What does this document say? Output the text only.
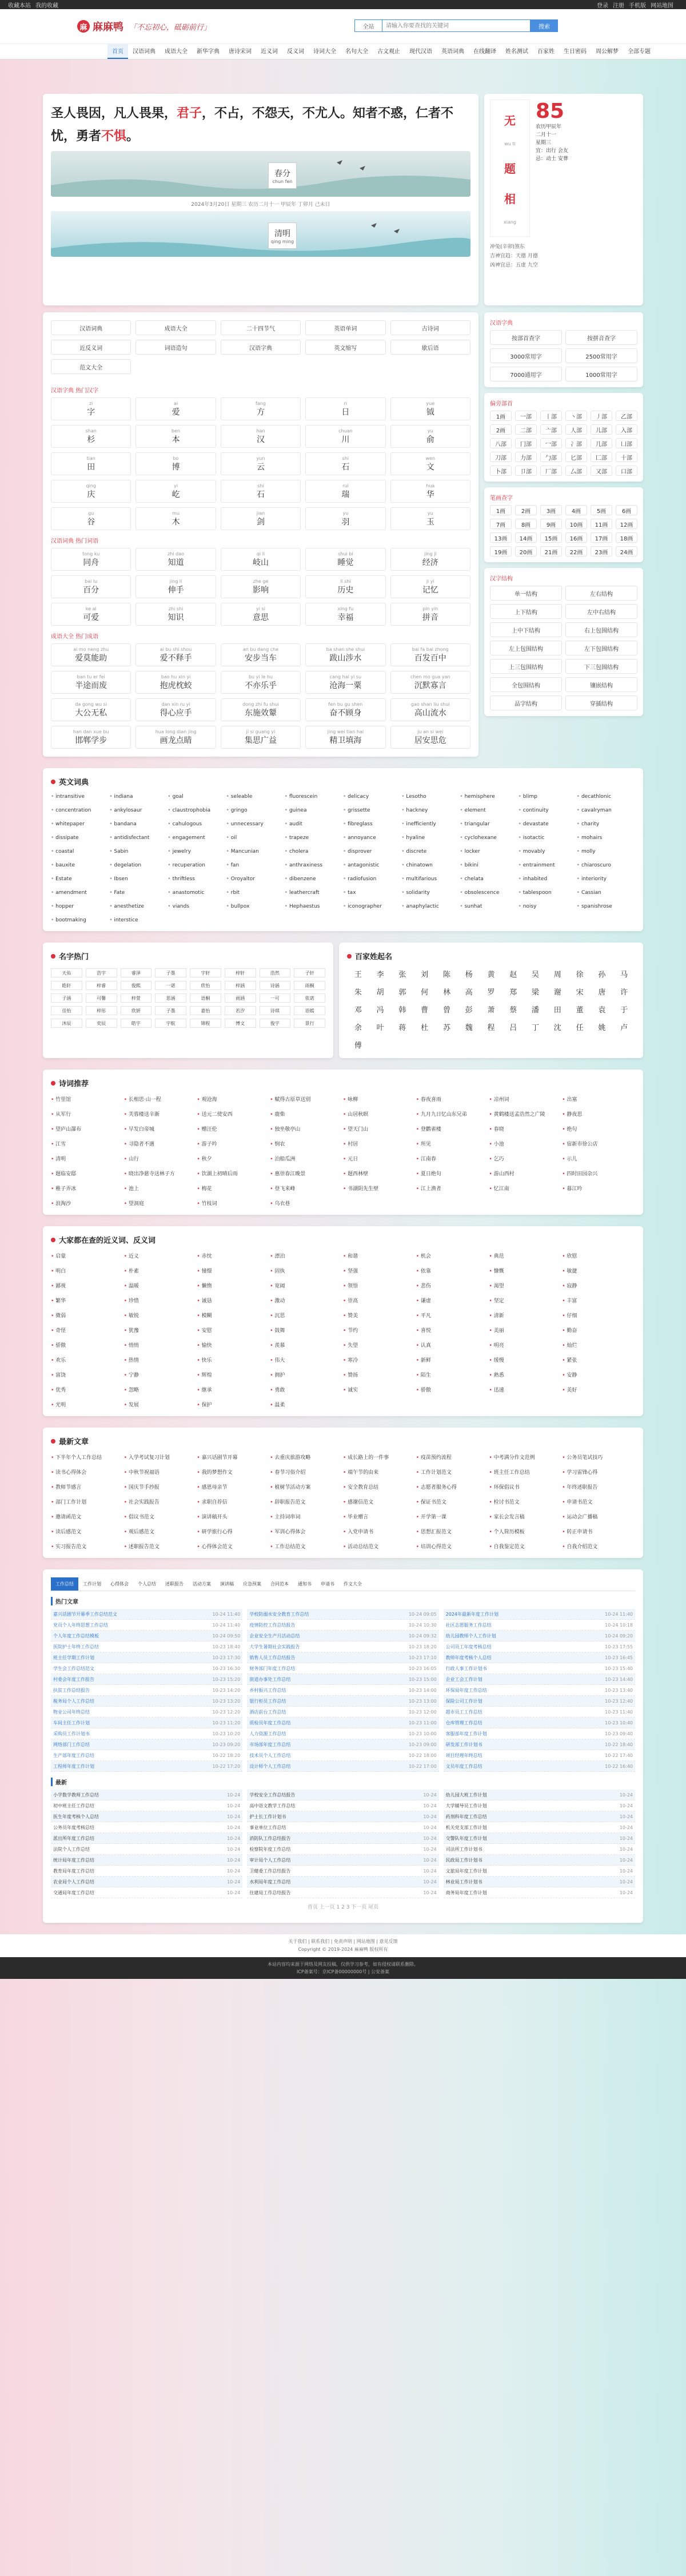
收藏本站 我的收藏	登录 注册 手机版 网站地图
麻 麻麻鸭 「不忘初心，砥砺前行」	全站
请输入你要查找的关键词	搜索
首页	汉语词典	成语大全	新华字典	唐诗宋词	近义词	反义词	诗词大全	名句大全	古文观止	现代汉语	英语词典	在线翻译	姓名测试	百家姓	生日密码	周公解梦	全部专题
圣人畏因，凡人畏果，君子，不占，不怨天，不尤人。知者不惑，仁者不忧，勇者不惧。
春分
chun fen
2024年3月20日 星期三 农历二月十一 甲辰年 丁卯月 己未日
清明
qing ming
无
wu ti
题
相
xiang
85
农历甲辰年
二月十一
星期三
宜：出行 会友
忌：动土 安葬
冲兔(辛卯)煞东
吉神宜趋：天德 月德
凶神宜忌：五虚 九空
汉语词典	成语大全	二十四节气	英语单词	古诗词
近反义词	词语造句	汉语字典	英文缩写	歇后语
范文大全
汉语字典 热门汉字
zi
字
ai
爱
fang
方
ri
日
yue
钺
shan
杉
ben
本
han
汉
chuan
川
yu
俞
tian
田
bo
博
yun
云
shi
石
wen
文
qing
庆
yi
屹
shi
石
rui
瑞
hua
华
gu
谷
mu
木
jian
剑
yu
羽
yu
玉
汉语词典 热门词语
tong ku
同舟
zhi dao
知道
qi li
岐山
shui bi
睡觉
jing ji
经济
bai lu
百分
jing li
伸手
zhe ge
影响
li shi
历史
ji yi
记忆
ke ai
可爱
zhi shi
知识
yi si
意思
xing fu
幸福
pin yin
拼音
成语大全 热门成语
ai mo neng zhu
爱莫能助
ai bu shi shou
爱不释手
an bu dang che
安步当车
ba shan she shui
跋山涉水
bai fa bai zhong
百发百中
ban tu er fei
半途而废
bao hu xin yi
抱虎枕蛟
bu yi le hu
不亦乐乎
cang hai yi su
沧海一粟
chen mo gua yan
沉默寡言
da gong wu si
大公无私
dan xin ru yi
得心应手
dong zhi fu shui
东施效颦
fen bu gu shen
奋不顾身
gao shan liu shui
高山流水
han dan xue bu
邯郸学步
hua long dian jing
画龙点睛
ji si guang yi
集思广益
jing wei tian hai
精卫填海
ju an si wei
居安思危
汉语字典
按部首查字	按拼音查字
3000常用字	2500常用字
7000通用字	1000常用字
偏旁部首
1画	一部	丨部	丶部	丿部	乙部
2画	二部	亠部	人部	儿部	入部
八部	冂部	冖部	冫部	几部	凵部
刀部	力部	勹部	匕部	匚部	十部
卜部	卩部	厂部	厶部	又部	口部
笔画查字
1画	2画	3画	4画	5画	6画
7画	8画	9画	10画	11画	12画
13画	14画	15画	16画	17画	18画
19画	20画	21画	22画	23画	24画
汉字结构
单一结构	左右结构
上下结构	左中右结构
上中下结构	右上包围结构
左上包围结构	左下包围结构
上三包围结构	下三包围结构
全包围结构	镶嵌结构
品字结构	穿插结构
英文词典
• intransitive	• indiana	• goal	• seleable	• fluorescein	• delicacy	• Lesotho	• hemisphere	• blimp	• decathlonic
• concentration	• ankylosaur	• claustrophobia	• gringo	• guinea	• grissette	• hackney	• element	• continuity	• cavalryman
• whitepaper	• bandana	• cahulogous	• unnecessary	• audit	• fibreglass	• inefficiently	• triangular	• devastate	• charity
• dissipate	• antidisfectant	• engagement	• oil	• trapeze	• annoyance	• hyaline	• cyclohexane	• isotactic	• mohairs
• coastal	• Sabin	• jewelry	• Mancunian	• cholera	• disprover	• discrete	• locker	• movably	• molly
• bauxite	• degelation	• recuperation	• fan	• anthraxiness	• antagonistic	• chinatown	• bikini	• entrainment	• chiaroscuro
• Estate	• Ibsen	• thriftless	• Oroyaltor	• dibenzene	• radiofusion	• multifarious	• chelata	• inhabited	• interiority
• amendment	• Fate	• anastomotic	• rbit	• leathercraft	• tax	• solidarity	• obsolescence	• tablespoon	• Cassian
• hopper	• anesthetize	• viands	• bullpox	• Hephaestus	• iconographer	• anaphylactic	• sunhat	• noisy	• spanishrose
• bootmaking	• interstice
名字热门
天佑	浩宇	睿泽	子墨	宇轩	梓轩	浩然	子轩
皓轩	梓睿	俊熙	一诺	欣怡	梓涵	诗涵	雨桐
子涵	可馨	梓萱	思涵	语桐	雨涵	一可	依诺
佳怡	梓彤	欣妍	子墨	嘉怡	若汐	诗琪	语嫣
沐辰	奕辰	皓宇	宇航	锦程	博文	俊宇	景行
百家姓起名
王	李	张	刘	陈	杨	黄	赵	吴	周	徐	孙	马
朱	胡	郭	何	林	高	罗	郑	梁	谢	宋	唐	许
邓	冯	韩	曹	曾	彭	萧	蔡	潘	田	董	袁	于
余	叶	蒋	杜	苏	魏	程	吕	丁	沈	任	姚	卢
傅
诗词推荐
• 竹里馆	• 长相思·山一程	• 观沧海	• 赋得古原草送别	• 咏柳	• 春夜喜雨	• 凉州词	• 出塞
• 从军行	• 芙蓉楼送辛渐	• 送元二使安西	• 鹿柴	• 山居秋暝	• 九月九日忆山东兄弟	• 黄鹤楼送孟浩然之广陵	• 静夜思
• 望庐山瀑布	• 早发白帝城	• 赠汪伦	• 独坐敬亭山	• 望天门山	• 登鹳雀楼	• 春晓	• 绝句
• 江雪	• 寻隐者不遇	• 游子吟	• 悯农	• 村居	• 所见	• 小池	• 宿新市徐公店
• 清明	• 山行	• 秋夕	• 泊船瓜洲	• 元日	• 江南春	• 乞巧	• 示儿
• 题临安邸	• 晓出净慈寺送林子方	• 饮湖上初晴后雨	• 惠崇春江晚景	• 题西林壁	• 夏日绝句	• 游山西村	• 四时田园杂兴
• 稚子弄冰	• 池上	• 梅花	• 登飞来峰	• 书湖阴先生壁	• 江上渔者	• 忆江南	• 暮江吟
• 浪淘沙	• 望洞庭	• 竹枝词	• 乌衣巷
大家都在查的近义词、反义词
• 启蒙	• 近义	• 赤忱	• 漂泊	• 和谐	• 机会	• 典范	• 欣慰
• 明白	• 朴素	• 憧憬	• 固执	• 坚强	• 依靠	• 慷慨	• 敏捷
• 鄙视	• 温暖	• 懒惰	• 宽阔	• 领悟	• 悲伤	• 渴望	• 寂静
• 繁华	• 珍惜	• 诚恳	• 激动	• 崇高	• 谦虚	• 坚定	• 丰富
• 微弱	• 敏锐	• 模糊	• 沉思	• 赞美	• 平凡	• 清新	• 仔细
• 奇怪	• 犹豫	• 安慰	• 鼓舞	• 节约	• 喜悦	• 美丽	• 勤奋
• 骄傲	• 悄悄	• 愉快	• 羡慕	• 失望	• 认真	• 明亮	• 灿烂
• 欢乐	• 热情	• 快乐	• 伟大	• 寒冷	• 新鲜	• 缓慢	• 紧张
• 富饶	• 宁静	• 辉煌	• 拥护	• 赞扬	• 陌生	• 熟悉	• 安静
• 优秀	• 忽略	• 继承	• 勇敢	• 诚实	• 骄傲	• 迅速	• 美好
• 光明	• 发展	• 保护	• 温柔
最新文章
• 下半年个人工作总结	• 入学考试复习计划	• 嘉兴话剧节开幕	• 去重庆旅游攻略	• 成长路上的一件事	• 疫苗预约流程	• 中考满分作文范例	• 公务员笔试技巧
• 读书心得体会	• 中秋节祝福语	• 我的梦想作文	• 春节习俗介绍	• 端午节的由来	• 工作计划范文	• 班主任工作总结	• 学习雷锋心得
• 教师节感言	• 国庆节手抄报	• 感恩母亲节	• 植树节活动方案	• 安全教育总结	• 志愿者服务心得	• 环保倡议书	• 年终述职报告
• 部门工作计划	• 社会实践报告	• 求职自荐信	• 辞职报告范文	• 感谢信范文	• 保证书范文	• 检讨书范文	• 申请书范文
• 邀请函范文	• 倡议书范文	• 演讲稿开头	• 主持词串词	• 毕业赠言	• 开学第一课	• 家长会发言稿	• 运动会广播稿
• 读后感范文	• 观后感范文	• 研学旅行心得	• 军训心得体会	• 入党申请书	• 思想汇报范文	• 个人简历模板	• 转正申请书
• 实习报告范文	• 述职报告范文	• 心得体会范文	• 工作总结范文	• 活动总结范文	• 培训心得范文	• 自我鉴定范文	• 自我介绍范文
工作总结	工作计划	心得体会	个人总结	述职报告	活动方案	演讲稿	应急预案	合同范本	通知书	申请书	作文大全
热门文章
嘉兴话剧节开幕季工作总结范文	10-24 11:40 学校防溺水安全教育工作总结	10-24 09:05 2024年最新年度工作计划	10-24 11:40
党员个人年终思想工作总结	10-24 11:40 疫情防控工作总结报告	10-24 10:30 社区志愿服务工作总结	10-24 10:18
个人年度工作总结模板	10-24 09:50 企业安全生产月活动总结	10-24 09:32 幼儿园教师个人工作计划	10-24 09:20
医院护士年终工作总结	10-23 18:40 大学生暑期社会实践报告	10-23 18:20 公司员工年度考核总结	10-23 17:55
班主任学期工作计划	10-23 17:30 销售人员工作总结报告	10-23 17:10 教师年度考核个人总结	10-23 16:45
学生会工作总结范文	10-23 16:30 财务部门年度工作总结	10-23 16:05 行政人事工作计划书	10-23 15:40
村委会年度工作报告	10-23 15:20 街道办事处工作总结	10-23 15:00 企业工会工作计划	10-23 14:40
扶贫工作总结报告	10-23 14:20 乡村振兴工作总结	10-23 14:00 环保局年度工作总结	10-23 13:40
税务局个人工作总结	10-23 13:20 银行柜员工作总结	10-23 13:00 保险公司工作计划	10-23 12:40
物业公司年终总结	10-23 12:20 酒店前台工作总结	10-23 12:00 超市员工工作总结	10-23 11:40
车间主任工作计划	10-23 11:20 质检员年度工作总结	10-23 11:00 仓库管理工作总结	10-23 10:40
采购员工作计划书	10-23 10:20 人力资源工作总结	10-23 10:00 客服部年度工作计划	10-23 09:40
网络部门工作总结	10-23 09:20 市场部年度工作总结	10-23 09:00 研发部工作计划书	10-22 18:40
生产部年度工作总结	10-22 18:20 技术员个人工作总结	10-22 18:00 项目经理年终总结	10-22 17:40
工程师年度工作计划	10-22 17:20 设计师个人工作总结	10-22 17:00 文员年度工作总结	10-22 16:40
最新
小学数学教师工作总结	10-24 学校安全工作总结报告	10-24 幼儿园大班工作计划	10-24
初中班主任工作总结	10-24 高中语文教学工作总结	10-24 大学辅导员工作计划	10-24
医生年度考核个人总结	10-24 护士长工作计划书	10-24 药剂科年度工作总结	10-24
公务员年度考核总结	10-24 事业单位工作总结	10-24 机关党支部工作计划	10-24
派出所年度工作总结	10-24 消防队工作总结报告	10-24 交警队年度工作计划	10-24
法院个人工作总结	10-24 检察院年度工作总结	10-24 司法所工作计划书	10-24
统计局年度工作总结	10-24 审计局个人工作总结	10-24 民政局工作计划书	10-24
教育局年度工作总结	10-24 卫健委工作总结报告	10-24 文旅局年度工作计划	10-24
农业局个人工作总结	10-24 水利局年度工作总结	10-24 林业局工作计划书	10-24
交通局年度工作总结	10-24 住建局工作总结报告	10-24 商务局年度工作计划	10-24
首页 上一页 1 2 3 下一页 尾页
关于我们 | 联系我们 | 免责声明 | 网站地图 | 意见反馈
Copyright © 2019-2024 麻麻鸭 版权所有
本站内容均来源于网络及网友投稿，仅供学习参考，如有侵权请联系删除。
ICP备案号：京ICP备00000000号 | 公安备案
